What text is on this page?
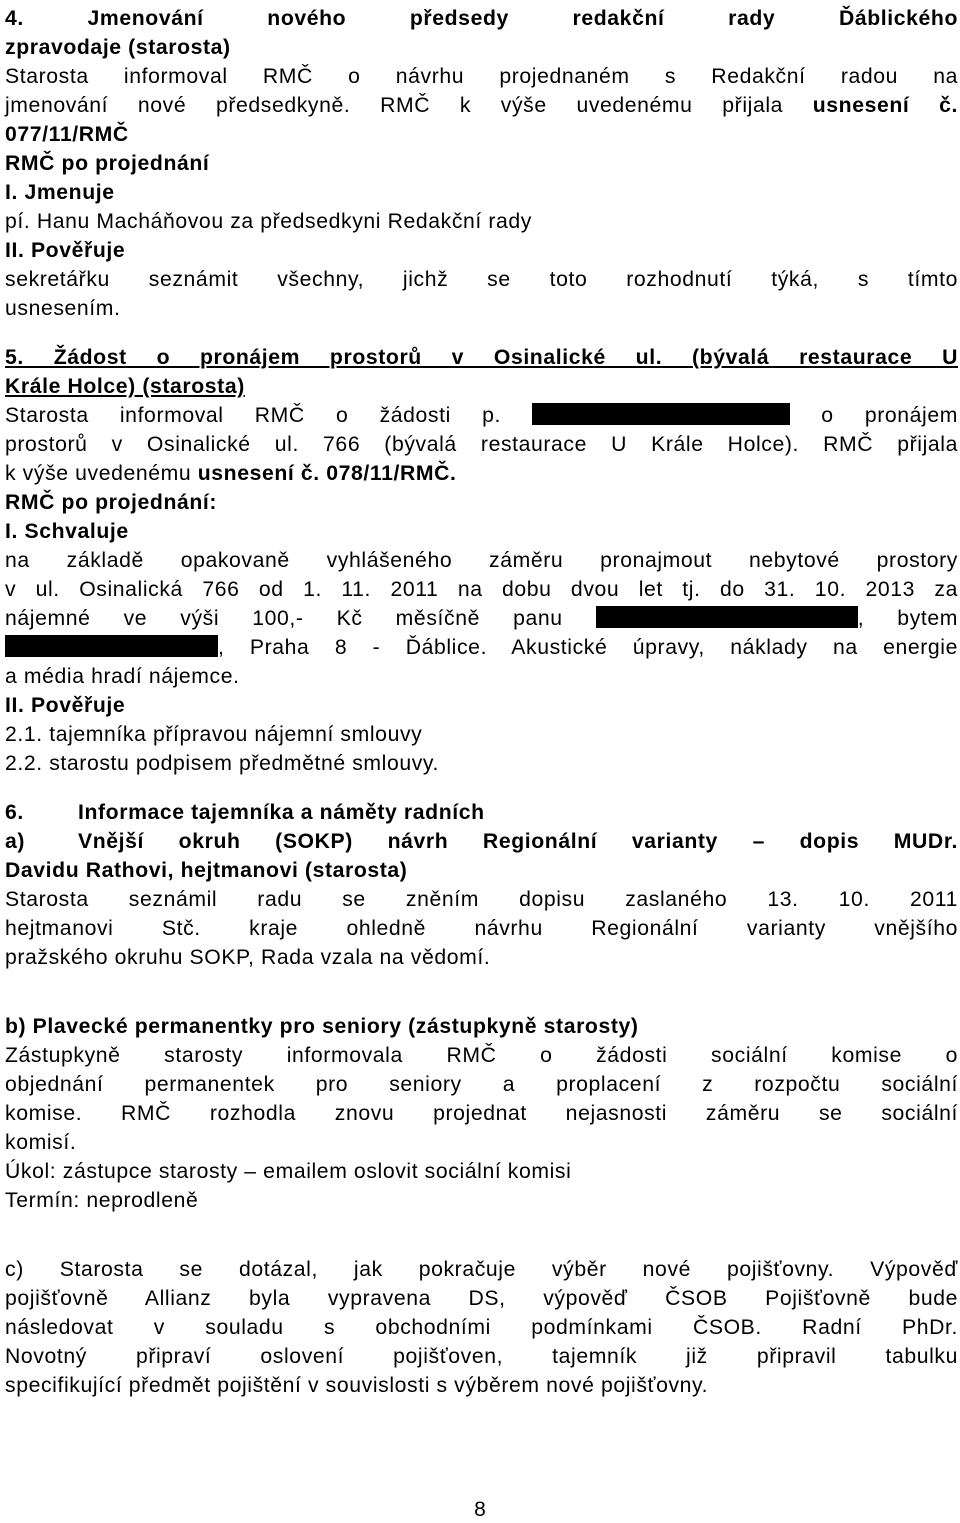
4. Jmenování nového předsedy redakční rady Ďáblického
zpravodaje (starosta)
Starosta informoval RMČ o návrhu projednaném s Redakční radou na
jmenování nové předsedkyně. RMČ k výše uvedenému přijala usnesení č.
077/11/RMČ
RMČ po projednání
I. Jmenuje
pí. Hanu Macháňovou za předsedkyni Redakční rady
II. Pověřuje
sekretářku seznámit všechny, jichž se toto rozhodnutí týká, s tímto
usnesením.
5. Žádost o pronájem prostorů v Osinalické ul. (bývalá restaurace U
Krále Holce) (starosta)
Starosta informoval RMČ o žádosti p.	o pronájem
prostorů v Osinalické ul. 766 (bývalá restaurace U Krále Holce). RMČ přijala
k výše uvedenému usnesení č. 078/11/RMČ.
RMČ po projednání:
I. Schvaluje
na základě opakovaně vyhlášeného záměru pronajmout nebytové prostory
v ul. Osinalická 766 od 1. 11. 2011 na dobu dvou let tj. do 31. 10. 2013 za
nájemné ve výši 100,- Kč měsíčně panu	, bytem
, Praha 8 - Ďáblice. Akustické úpravy, náklady na energie
a média hradí nájemce.
II. Pověřuje
2.1. tajemníka přípravou nájemní smlouvy
2.2. starostu podpisem předmětné smlouvy.
6.	Informace tajemníka a náměty radních
a) Vnější okruh (SOKP) návrh Regionální varianty – dopis MUDr.
Davidu Rathovi, hejtmanovi (starosta)
Starosta seznámil radu se zněním dopisu zaslaného 13. 10. 2011
hejtmanovi Stč. kraje ohledně návrhu Regionální varianty vnějšího
pražského okruhu SOKP, Rada vzala na vědomí.
b) Plavecké permanentky pro seniory (zástupkyně starosty)
Zástupkyně starosty informovala RMČ o žádosti sociální komise o
objednání permanentek pro seniory a proplacení z rozpočtu sociální
komise. RMČ rozhodla znovu projednat nejasnosti záměru se sociální
komisí.
Úkol: zástupce starosty – emailem oslovit sociální komisi
Termín: neprodleně
c) Starosta se dotázal, jak pokračuje výběr nové pojišťovny. Výpověď
pojišťovně Allianz byla vypravena DS, výpověď ČSOB Pojišťovně bude
následovat v souladu s obchodními podmínkami ČSOB. Radní PhDr.
Novotný připraví oslovení pojišťoven, tajemník již připravil tabulku
specifikující předmět pojištění v souvislosti s výběrem nové pojišťovny.
8
